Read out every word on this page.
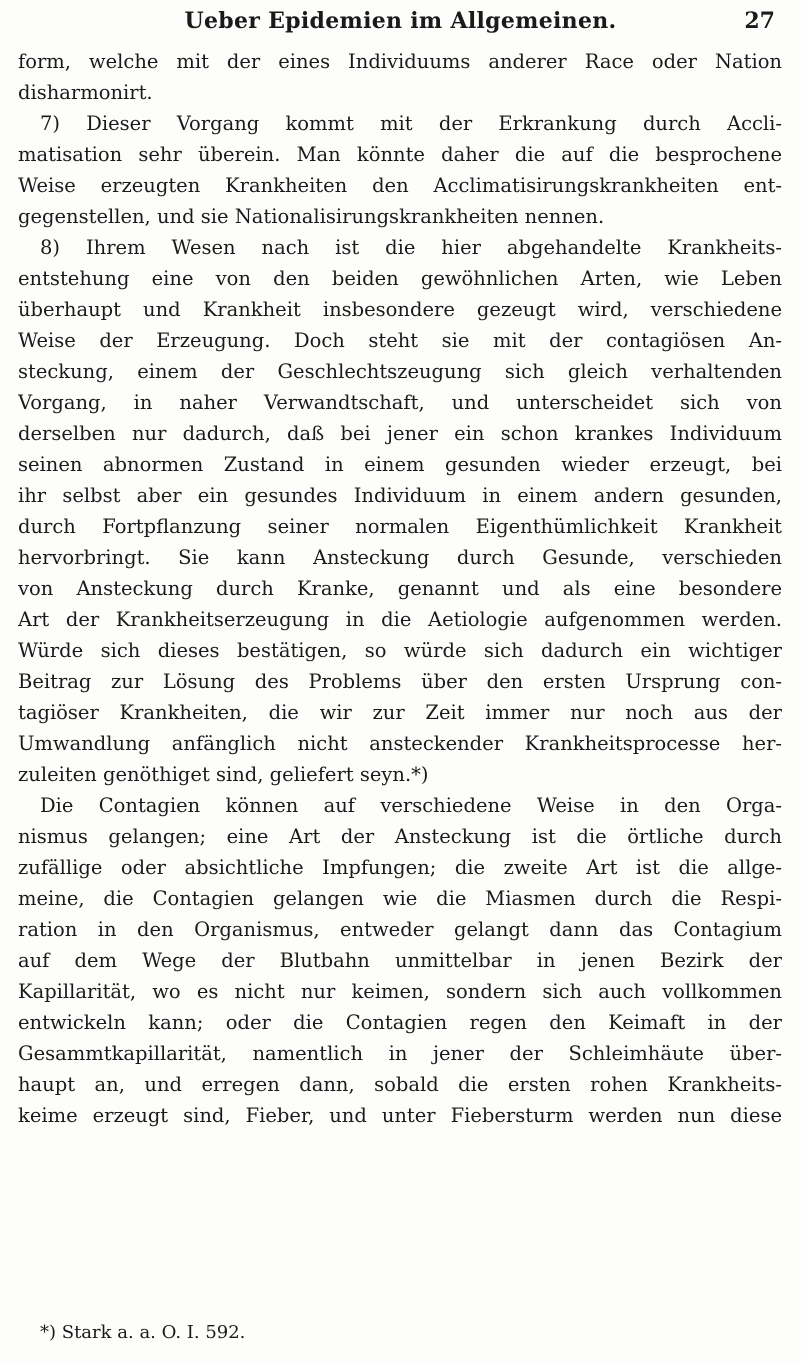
Ueber Epidemien im Allgemeinen.	27
form, welche mit der eines Individuums anderer Race oder Nation
disharmonirt.
7) Dieser Vorgang kommt mit der Erkrankung durch Accli-
matisation sehr überein. Man könnte daher die auf die besprochene
Weise erzeugten Krankheiten den Acclimatisirungskrankheiten ent-
gegenstellen, und sie Nationalisirungskrankheiten nennen.
8) Ihrem Wesen nach ist die hier abgehandelte Krankheits-
entstehung eine von den beiden gewöhnlichen Arten, wie Leben
überhaupt und Krankheit insbesondere gezeugt wird, verschiedene
Weise der Erzeugung. Doch steht sie mit der contagiösen An-
steckung, einem der Geschlechtszeugung sich gleich verhaltenden
Vorgang, in naher Verwandtschaft, und unterscheidet sich von
derselben nur dadurch, daß bei jener ein schon krankes Individuum
seinen abnormen Zustand in einem gesunden wieder erzeugt, bei
ihr selbst aber ein gesundes Individuum in einem andern gesunden,
durch Fortpflanzung seiner normalen Eigenthümlichkeit Krankheit
hervorbringt. Sie kann Ansteckung durch Gesunde, verschieden
von Ansteckung durch Kranke, genannt und als eine besondere
Art der Krankheitserzeugung in die Aetiologie aufgenommen werden.
Würde sich dieses bestätigen, so würde sich dadurch ein wichtiger
Beitrag zur Lösung des Problems über den ersten Ursprung con-
tagiöser Krankheiten, die wir zur Zeit immer nur noch aus der
Umwandlung anfänglich nicht ansteckender Krankheitsprocesse her-
zuleiten genöthiget sind, geliefert seyn.*)
Die Contagien können auf verschiedene Weise in den Orga-
nismus gelangen; eine Art der Ansteckung ist die örtliche durch
zufällige oder absichtliche Impfungen; die zweite Art ist die allge-
meine, die Contagien gelangen wie die Miasmen durch die Respi-
ration in den Organismus, entweder gelangt dann das Contagium
auf dem Wege der Blutbahn unmittelbar in jenen Bezirk der
Kapillarität, wo es nicht nur keimen, sondern sich auch vollkommen
entwickeln kann; oder die Contagien regen den Keimaft in der
Gesammtkapillarität, namentlich in jener der Schleimhäute über-
haupt an, und erregen dann, sobald die ersten rohen Krankheits-
keime erzeugt sind, Fieber, und unter Fiebersturm werden nun diese
*) Stark a. a. O. I. 592.
